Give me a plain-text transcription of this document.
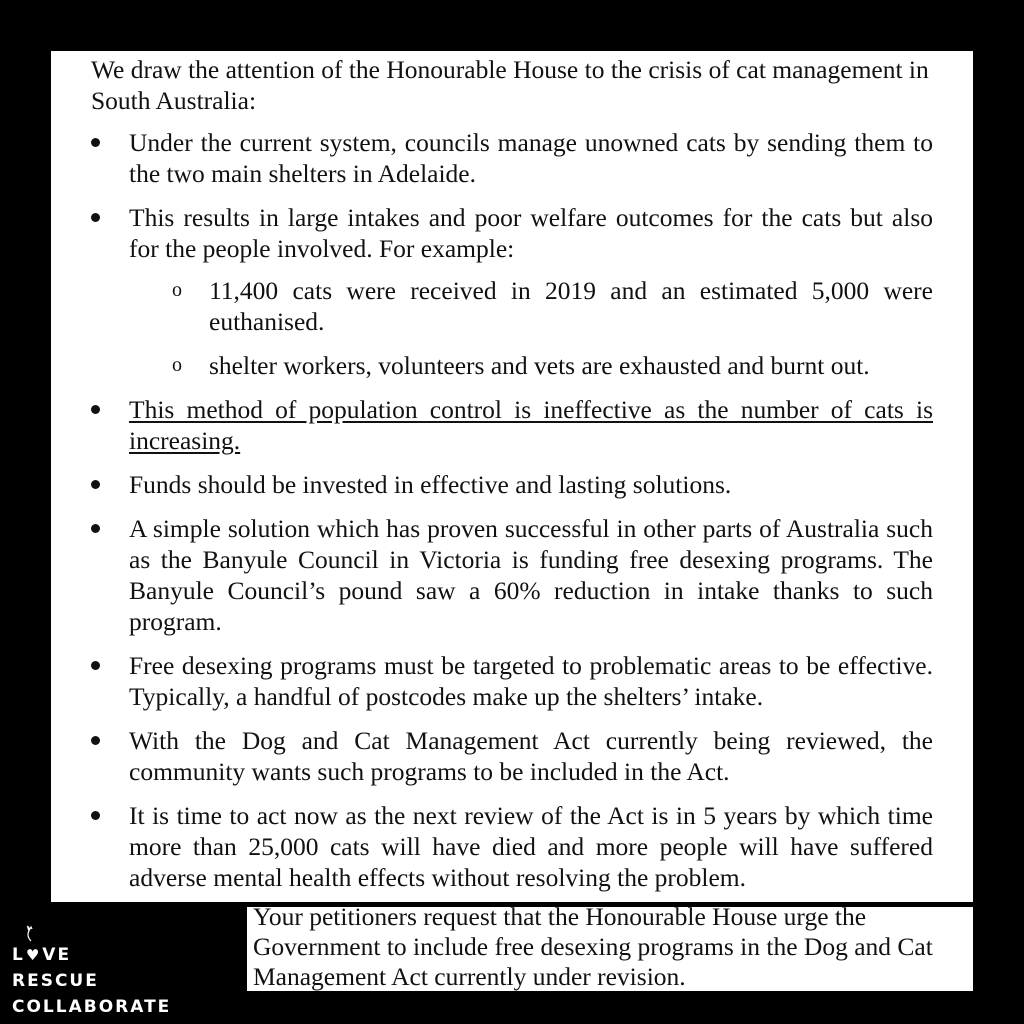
We draw the attention of the Honourable House to the crisis of cat management in South Australia:

Under the current system, councils manage unowned cats by sending them to the two main shelters in Adelaide.
This results in large intakes and poor welfare outcomes for the cats but also for the people involved. For example:
o 11,400 cats were received in 2019 and an estimated 5,000 were euthanised.
o shelter workers, volunteers and vets are exhausted and burnt out.
This method of population control is ineffective as the number of cats is increasing.
Funds should be invested in effective and lasting solutions.
A simple solution which has proven successful in other parts of Australia such as the Banyule Council in Victoria is funding free desexing programs. The Banyule Council’s pound saw a 60% reduction in intake thanks to such program.
Free desexing programs must be targeted to problematic areas to be effective. Typically, a handful of postcodes make up the shelters’ intake.
With the Dog and Cat Management Act currently being reviewed, the community wants such programs to be included in the Act.
It is time to act now as the next review of the Act is in 5 years by which time more than 25,000 cats will have died and more people will have suffered adverse mental health effects without resolving the problem.

Your petitioners request that the Honourable House urge the Government to include free desexing programs in the Dog and Cat Management Act currently under revision.

L♥VE
RESCUE
COLLABORATE
